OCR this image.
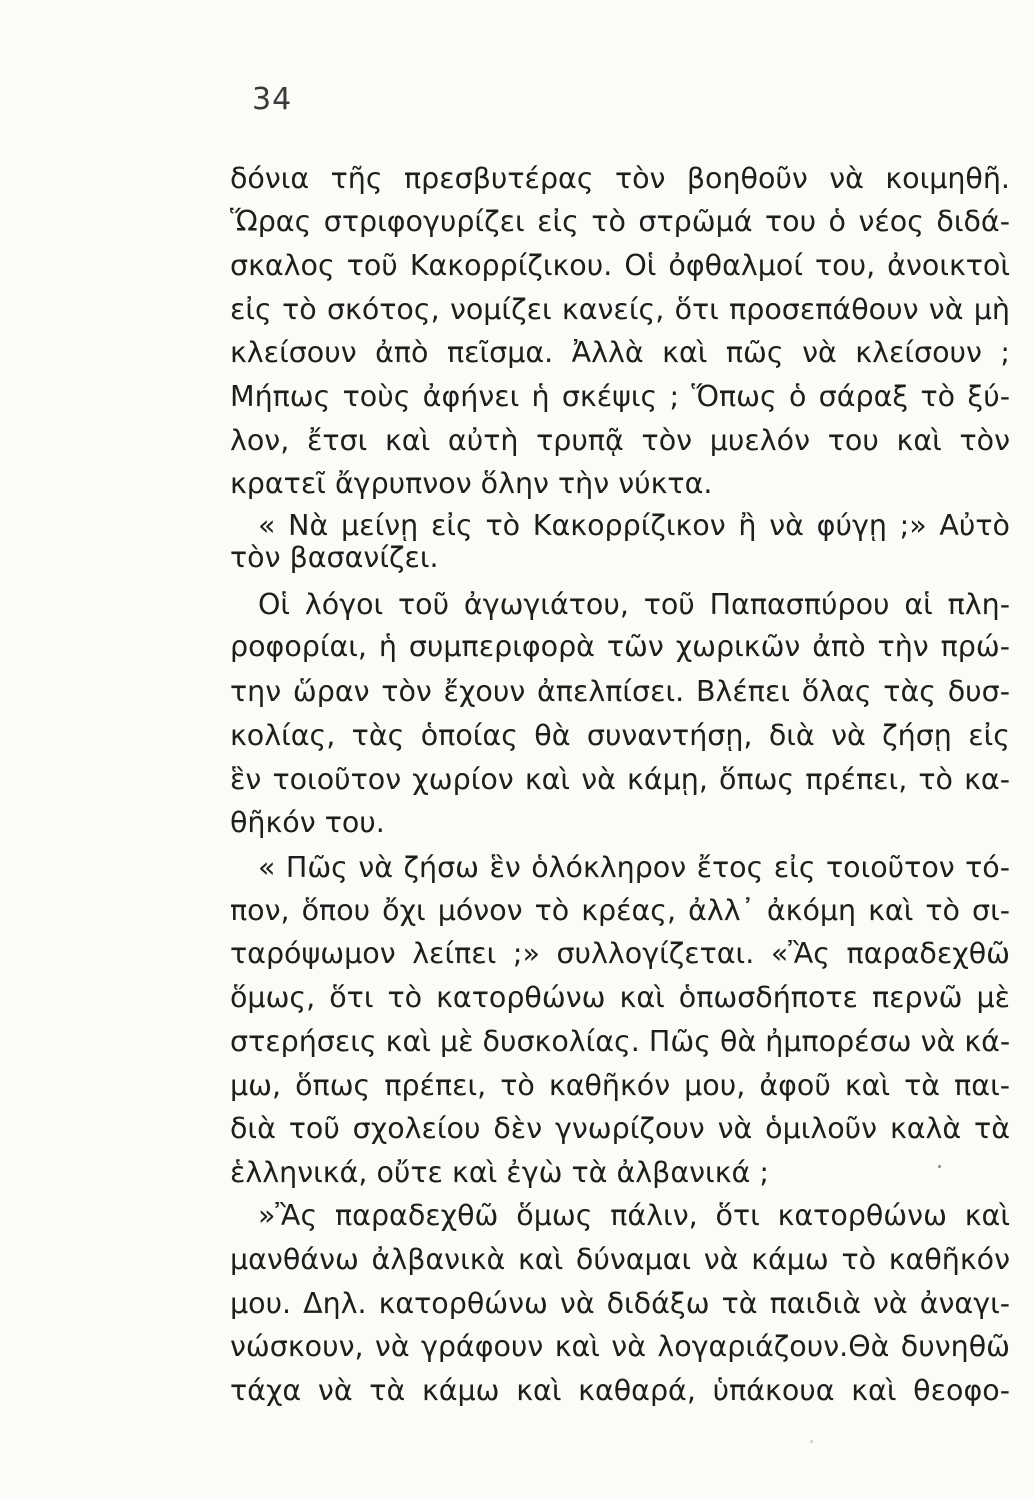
34
δόνια τῆς πρεσβυτέρας τὸν βοηθοῦν νὰ κοιμηθῆ.
Ὥρας στριφογυρίζει εἰς τὸ στρῶμά του ὁ νέος διδά-
σκαλος τοῦ Κακορρίζικου. Οἱ ὀφθαλμοί του, ἀνοικτοὶ
εἰς τὸ σκότος, νομίζει κανείς, ὅτι προσεπάθουν νὰ μὴ
κλείσουν ἀπὸ πεῖσμα. Ἀλλὰ καὶ πῶς νὰ κλείσουν ;
Μήπως τοὺς ἀφήνει ἡ σκέψις ; Ὅπως ὁ σάραξ τὸ ξύ-
λον, ἔτσι καὶ αὐτὴ τρυπᾷ τὸν μυελόν του καὶ τὸν
κρατεῖ ἄγρυπνον ὅλην τὴν νύκτα.
« Νὰ μείνῃ εἰς τὸ Κακορρίζικον ἢ νὰ φύγῃ ;» Αὐτὸ
τὸν βασανίζει.
Οἱ λόγοι τοῦ ἀγωγιάτου, τοῦ Παπασπύρου αἱ πλη-
ροφορίαι, ἡ συμπεριφορὰ τῶν χωρικῶν ἀπὸ τὴν πρώ-
την ὥραν τὸν ἔχουν ἀπελπίσει. Βλέπει ὅλας τὰς δυσ-
κολίας, τὰς ὁποίας θὰ συναντήσῃ, διὰ νὰ ζήσῃ εἰς
ἓν τοιοῦτον χωρίον καὶ νὰ κάμῃ, ὅπως πρέπει, τὸ κα-
θῆκόν του.
« Πῶς νὰ ζήσω ἓν ὁλόκληρον ἔτος εἰς τοιοῦτον τό-
πον, ὅπου ὄχι μόνον τὸ κρέας, ἀλλ᾿ ἀκόμη καὶ τὸ σι-
ταρόψωμον λείπει ;» συλλογίζεται. «Ἂς παραδεχθῶ
ὅμως, ὅτι τὸ κατορθώνω καὶ ὁπωσδήποτε περνῶ μὲ
στερήσεις καὶ μὲ δυσκολίας. Πῶς θὰ ἠμπορέσω νὰ κά-
μω, ὅπως πρέπει, τὸ καθῆκόν μου, ἀφοῦ καὶ τὰ παι-
διὰ τοῦ σχολείου δὲν γνωρίζουν νὰ ὁμιλοῦν καλὰ τὰ
ἑλληνικά, οὔτε καὶ ἐγὼ τὰ ἀλβανικά ;
»Ἂς παραδεχθῶ ὅμως πάλιν, ὅτι κατορθώνω καὶ
μανθάνω ἀλβανικὰ καὶ δύναμαι νὰ κάμω τὸ καθῆκόν
μου. Δηλ. κατορθώνω νὰ διδάξω τὰ παιδιὰ νὰ ἀναγι-
νώσκουν, νὰ γράφουν καὶ νὰ λογαριάζουν.Θὰ δυνηθῶ
τάχα νὰ τὰ κάμω καὶ καθαρά, ὑπάκουα καὶ θεοφο-
